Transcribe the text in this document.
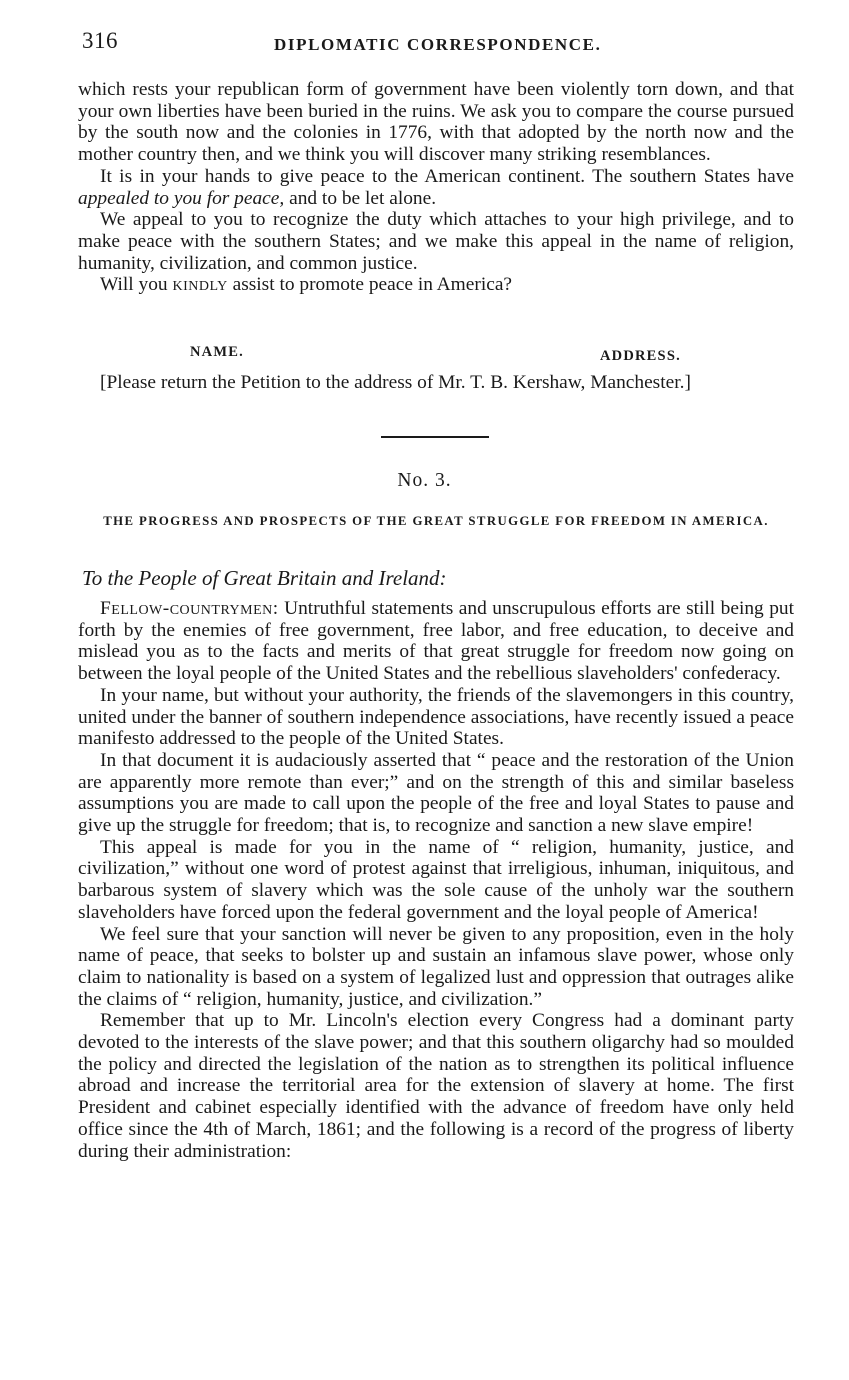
316	DIPLOMATIC CORRESPONDENCE.

which rests your republican form of government have been violently torn down, and that your own liberties have been buried in the ruins. We ask you to compare the course pursued by the south now and the colonies in 1776, with that adopted by the north now and the mother country then, and we think you will discover many striking resemblances.

It is in your hands to give peace to the American continent. The southern States have appealed to you for peace, and to be let alone.

We appeal to you to recognize the duty which attaches to your high privilege, and to make peace with the southern States; and we make this appeal in the name of religion, humanity, civilization, and common justice.

Will you kindly assist to promote peace in America?

NAME.	ADDRESS.

[Please return the Petition to the address of Mr. T. B. Kershaw, Manchester.]

No. 3.
THE PROGRESS AND PROSPECTS OF THE GREAT STRUGGLE FOR FREEDOM IN AMERICA.
To the People of Great Britain and Ireland:

Fellow-countrymen: Untruthful statements and unscrupulous efforts are still being put forth by the enemies of free government, free labor, and free education, to deceive and mislead you as to the facts and merits of that great struggle for freedom now going on between the loyal people of the United States and the rebellious slaveholders' confederacy.

In your name, but without your authority, the friends of the slavemongers in this country, united under the banner of southern independence associations, have recently issued a peace manifesto addressed to the people of the United States.

In that document it is audaciously asserted that “ peace and the restoration of the Union are apparently more remote than ever;” and on the strength of this and similar baseless assumptions you are made to call upon the people of the free and loyal States to pause and give up the struggle for freedom; that is, to recognize and sanction a new slave empire!

This appeal is made for you in the name of “ religion, humanity, justice, and civilization,” without one word of protest against that irreligious, inhuman, iniquitous, and barbarous system of slavery which was the sole cause of the unholy war the southern slaveholders have forced upon the federal government and the loyal people of America!

We feel sure that your sanction will never be given to any proposition, even in the holy name of peace, that seeks to bolster up and sustain an infamous slave power, whose only claim to nationality is based on a system of legalized lust and oppression that outrages alike the claims of “ religion, humanity, justice, and civilization.”

Remember that up to Mr. Lincoln's election every Congress had a dominant party devoted to the interests of the slave power; and that this southern oligarchy had so moulded the policy and directed the legislation of the nation as to strengthen its political influence abroad and increase the territorial area for the extension of slavery at home. The first President and cabinet especially identified with the advance of freedom have only held office since the 4th of March, 1861; and the following is a record of the progress of liberty during their administration:
